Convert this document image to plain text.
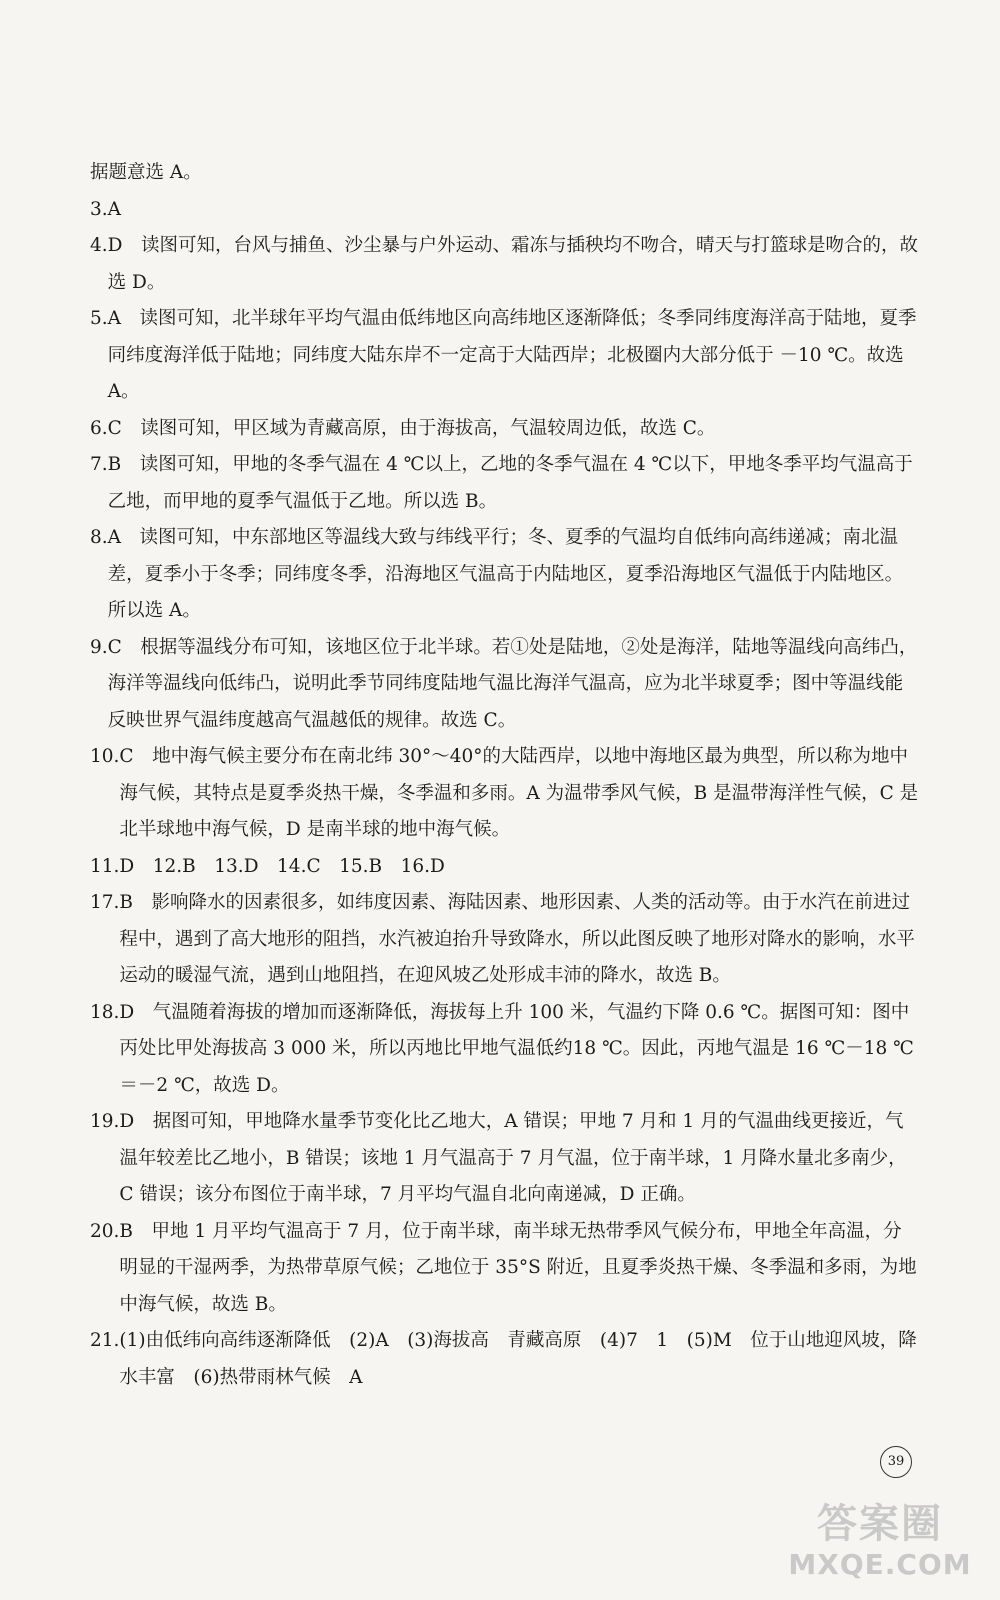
据题意选 A。
3. A
4. D　读图可知，台风与捕鱼、沙尘暴与户外运动、霜冻与插秧均不吻合，晴天与打篮球是吻合的，故选 D。
5. A　读图可知，北半球年平均气温由低纬地区向高纬地区逐渐降低；冬季同纬度海洋高于陆地，夏季同纬度海洋低于陆地；同纬度大陆东岸不一定高于大陆西岸；北极圈内大部分低于 －10 ℃。故选 A。
6. C　读图可知，甲区域为青藏高原，由于海拔高，气温较周边低，故选 C。
7. B　读图可知，甲地的冬季气温在 4 ℃以上，乙地的冬季气温在 4 ℃以下，甲地冬季平均气温高于乙地，而甲地的夏季气温低于乙地。所以选 B。
8. A　读图可知，中东部地区等温线大致与纬线平行；冬、夏季的气温均自低纬向高纬递减；南北温差，夏季小于冬季；同纬度冬季，沿海地区气温高于内陆地区，夏季沿海地区气温低于内陆地区。所以选 A。
9. C　根据等温线分布可知，该地区位于北半球。若①处是陆地，②处是海洋，陆地等温线向高纬凸，海洋等温线向低纬凸，说明此季节同纬度陆地气温比海洋气温高，应为北半球夏季；图中等温线能反映世界气温纬度越高气温越低的规律。故选 C。
10. C　地中海气候主要分布在南北纬 30°～40°的大陆西岸，以地中海地区最为典型，所以称为地中海气候，其特点是夏季炎热干燥，冬季温和多雨。A 为温带季风气候，B 是温带海洋性气候，C 是北半球地中海气候，D 是南半球的地中海气候。
11. D　12.B　13.D　14.C　15.B　16.D
17. B　影响降水的因素很多，如纬度因素、海陆因素、地形因素、人类的活动等。由于水汽在前进过程中，遇到了高大地形的阻挡，水汽被迫抬升导致降水，所以此图反映了地形对降水的影响，水平运动的暖湿气流，遇到山地阻挡，在迎风坡乙处形成丰沛的降水，故选 B。
18. D　气温随着海拔的增加而逐渐降低，海拔每上升 100 米，气温约下降 0.6 ℃。据图可知：图中丙处比甲处海拔高 3 000 米，所以丙地比甲地气温低约18 ℃。因此，丙地气温是 16 ℃－18 ℃＝－2 ℃，故选 D。
19. D　据图可知，甲地降水量季节变化比乙地大，A 错误；甲地 7 月和 1 月的气温曲线更接近，气温年较差比乙地小，B 错误；该地 1 月气温高于 7 月气温，位于南半球，1 月降水量北多南少，C 错误；该分布图位于南半球，7 月平均气温自北向南递减，D 正确。
20. B　甲地 1 月平均气温高于 7 月，位于南半球，南半球无热带季风气候分布，甲地全年高温，分明显的干湿两季，为热带草原气候；乙地位于 35°S 附近，且夏季炎热干燥、冬季温和多雨，为地中海气候，故选 B。
21. (1)由低纬向高纬逐渐降低　(2)A　(3)海拔高　青藏高原　(4)7　1　(5)M　位于山地迎风坡，降水丰富　(6)热带雨林气候　A
39
答案圈
MXQE.COM
